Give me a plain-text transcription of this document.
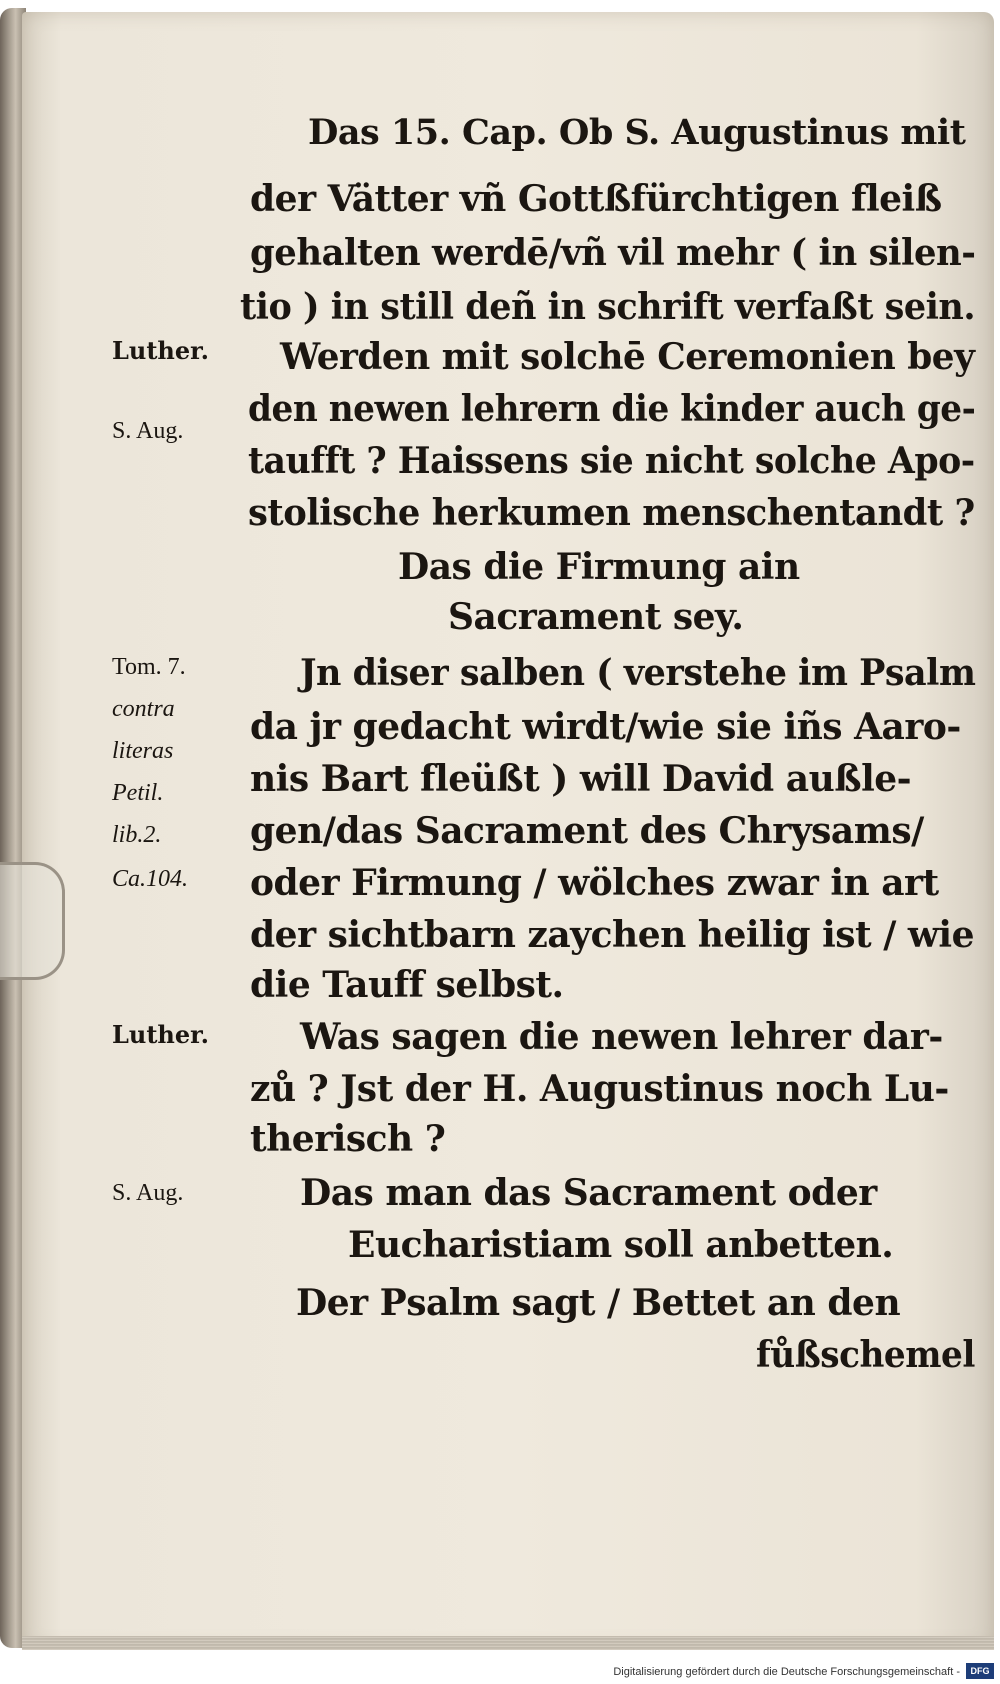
Das 15. Cap. Ob S. Augustinus mit
der Vätter vñ Gottßfürchtigen fleiß
gehalten werdē/vñ vil mehr ( in silen-
tio ) in still deñ in schrift verfaßt sein.
Werden mit solchē Ceremonien bey
den newen lehrern die kinder auch ge-
taufft ? Haissens sie nicht solche Apo-
stolische herkumen menschentandt ?
Das die Firmung ain
Sacrament sey.
Jn diser salben ( verstehe im Psalm
da jr gedacht wirdt/wie sie iñs Aaro-
nis Bart fleüßt ) will David außle-
gen/das Sacrament des Chrysams/
oder Firmung / wölches zwar in art
der sichtbarn zaychen heilig ist / wie
die Tauff selbst.
Was sagen die newen lehrer dar-
zů ? Jst der H. Augustinus noch Lu-
therisch ?
Das man das Sacrament oder
Eucharistiam soll anbetten.
Der Psalm sagt / Bettet an den
fůßschemel
Luther.
S. Aug.
Tom. 7.
contra
literas
Petil.
lib.2.
Ca.104.
Luther.
S. Aug.
Digitalisierung gefördert durch die Deutsche Forschungsgemeinschaft -	DFG
